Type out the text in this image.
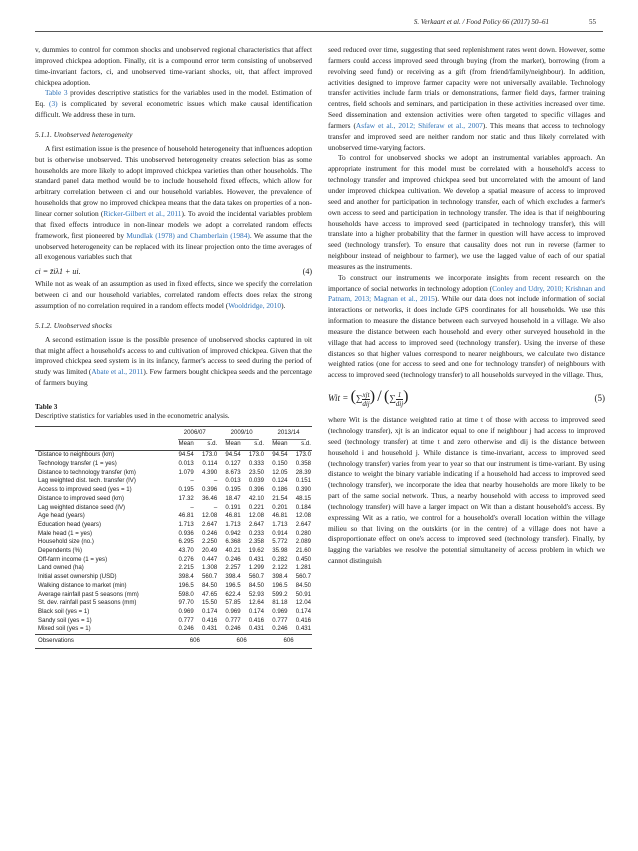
S. Verkaart et al. / Food Policy 66 (2017) 50–61	55

v, dummies to control for common shocks and unobserved regional characteristics that affect improved chickpea adoption. Finally, εit is a compound error term consisting of unobserved time-invariant factors, ci, and unobserved time-variant shocks, υit, that affect improved chickpea adoption.

Table 3 provides descriptive statistics for the variables used in the model. Estimation of Eq. (3) is complicated by several econometric issues which make causal identification difficult. We address these in turn.

5.1.1. Unobserved heterogeneity

A first estimation issue is the presence of household heterogeneity that influences adoption but is otherwise unobserved. This unobserved heterogeneity creates selection bias as some households are more likely to adopt improved chickpea varieties than other households. The standard panel data method would be to include household fixed effects, which allow for arbitrary correlation between ci and our household variables. However, the prevalence of households that grow no improved chickpea means that the data takes on properties of a non-linear corner solution (Ricker-Gilbert et al., 2011). To avoid the incidental variables problem that fixed effects introduce in non-linear models we adopt a correlated random effects framework, first pioneered by Mundlak (1978) and Chamberlain (1984). We assume that the unobserved heterogeneity can be replaced with its linear projection onto the time averages of all exogenous variables such that

ci = z̄iλ1 + ui.	(4)

While not as weak of an assumption as used in fixed effects, since we specify the correlation between ci and our household variables, correlated random effects does relax the strong assumption of no correlation required in a random effects model (Wooldridge, 2010).

5.1.2. Unobserved shocks

A second estimation issue is the possible presence of unobserved shocks captured in υit that might affect a household's access to and cultivation of improved chickpea. Given that the improved chickpea seed system is in its infancy, farmer's access to seed during the period of study was limited (Abate et al., 2011). Few farmers bought chickpea seeds and the percentage of farmers buying

Table 3
Descriptive statistics for variables used in the econometric analysis.
	2006/07		2009/10		2013/14	
	Mean	s.d.	Mean	s.d.	Mean	s.d.
Distance to neighbours (km)	94.54	173.0	94.54	173.0	94.54	173.0
Technology transfer (1 = yes)	0.013	0.114	0.127	0.333	0.150	0.358
Distance to technology transfer (km)	1.079	4.390	8.673	23.50	12.05	28.39
Lag weighted dist. tech. transfer (IV)	–	–	0.013	0.039	0.124	0.151
Access to improved seed (yes = 1)	0.195	0.396	0.195	0.396	0.186	0.390
Distance to improved seed (km)	17.32	36.46	18.47	42.10	21.54	48.15
Lag weighted distance seed (IV)	–	–	0.191	0.221	0.201	0.184
Age head (years)	46.81	12.08	46.81	12.08	46.81	12.08
Education head (years)	1.713	2.647	1.713	2.647	1.713	2.647
Male head (1 = yes)	0.936	0.246	0.942	0.233	0.914	0.280
Household size (no.)	6.295	2.250	6.368	2.358	5.772	2.089
Dependents (%)	43.70	20.49	40.21	19.62	35.98	21.60
Off-farm income (1 = yes)	0.276	0.447	0.246	0.431	0.282	0.450
Land owned (ha)	2.215	1.308	2.257	1.299	2.122	1.281
Initial asset ownership (USD)	398.4	560.7	398.4	560.7	398.4	560.7
Walking distance to market (min)	196.5	84.50	196.5	84.50	196.5	84.50
Average rainfall past 5 seasons (mm)	598.0	47.65	622.4	52.93	599.2	50.91
St. dev. rainfall past 5 seasons (mm)	97.70	15.50	57.85	12.64	81.18	12.04
Black soil (yes = 1)	0.969	0.174	0.969	0.174	0.969	0.174
Sandy soil (yes = 1)	0.777	0.416	0.777	0.416	0.777	0.416
Mixed soil (yes = 1)	0.246	0.431	0.246	0.431	0.246	0.431
Observations	606		606		606	

seed reduced over time, suggesting that seed replenishment rates went down. However, some farmers could access improved seed through buying (from the market), borrowing (from a revolving seed fund) or receiving as a gift (from friend/family/neighbour). In addition, activities designed to improve farmer capacity were not universally available. Technology transfer activities include farm trials or demonstrations, farmer field days, farmer training centres, field schools and seminars, and participation in these activities increased over time. Seed dissemination and extension activities were often targeted to specific villages and farmers (Asfaw et al., 2012; Shiferaw et al., 2007). This means that access to technology transfer and improved seed are neither random nor static and thus likely correlated with unobserved time-varying factors.

To control for unobserved shocks we adopt an instrumental variables approach. An appropriate instrument for this model must be correlated with a household's access to technology transfer and improved chickpea seed but uncorrelated with the amount of land under improved chickpea cultivation. We develop a spatial measure of access to improved seed and another for participation in technology transfer, each of which excludes a farmer's own access to seed and participation in technology transfer. The idea is that if neighbouring households have access to improved seed (participated in technology transfer), this will translate into a higher probability that the farmer in question will have access to improved seed (technology transfer). To ensure that causality does not run in reverse (farmer to neighbour instead of neighbour to farmer), we use the lagged value of each of our spatial measures as the instruments.

To construct our instruments we incorporate insights from recent research on the importance of social networks in technology adoption (Conley and Udry, 2010; Krishnan and Patnam, 2013; Magnan et al., 2015). While our data does not include information of social interactions or networks, it does include GPS coordinates for all households. We use this information to measure the distance between each surveyed household in a village. We also measure the distance between each household and every other surveyed household in the village that had access to improved seed (technology transfer). Using the inverse of these distances so that higher values correspond to nearer neighbours, we calculate two distance weighted ratios (one for access to seed and one for technology transfer) of neighbours with access to improved seed (technology transfer) to all households surveyed in the village. Thus,

Wit = (∑ $\frac{\text{xjt}}{\text{dij}}$ ) / (∑ $\frac{1}{\text{dij}}$ )	(5)

where Wit is the distance weighted ratio at time t of those with access to improved seed (technology transfer), xjt is an indicator equal to one if neighbour j had access to improved seed (technology transfer) at time t and zero otherwise and dij is the distance between household i and household j. While distance is time-invariant, access to improved seed (technology transfer) varies from year to year so that our instrument is time-variant. By using distance to weight the binary variable indicating if a household had access to improved seed (technology transfer), we incorporate the idea that nearby households are more likely to be part of the same social network. Thus, a nearby household with access to improved seed (technology transfer) will have a larger impact on Wit than a distant household's access. By expressing Wit as a ratio, we control for a household's overall location within the village milieu so that living on the outskirts (or in the centre) of a village does not have a disproportionate effect on one's access to improved seed (technology transfer). Finally, by lagging the variables we resolve the potential simultaneity of access problem in which we cannot distinguish
